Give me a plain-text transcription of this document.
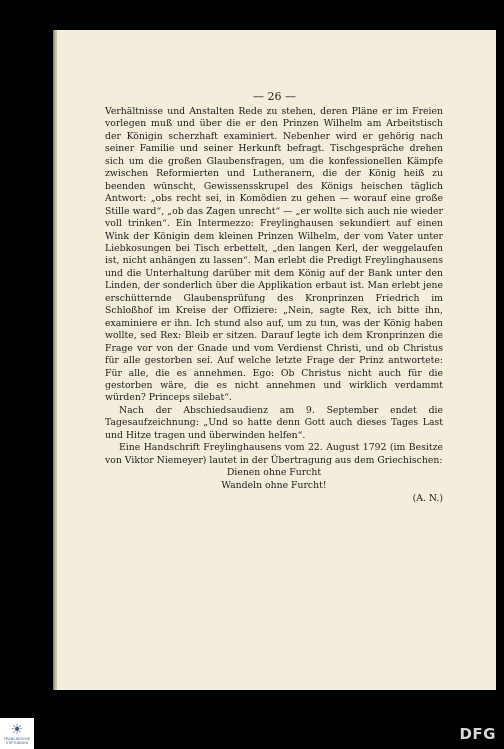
— 26 —

Verhältnisse und Anstalten Rede zu stehen, deren Pläne er im Freien vorlegen muß und über die er den Prinzen Wilhelm am Arbeitstisch der Königin scherzhaft examiniert. Nebenher wird er gehörig nach seiner Familie und seiner Herkunft befragt. Tischgespräche drehen sich um die großen Glaubensfragen, um die konfessionellen Kämpfe zwischen Reformierten und Lutheranern, die der König heiß zu beenden wünscht, Gewissensskrupel des Königs heischen täglich Antwort: „obs recht sei, in Komödien zu gehen — worauf eine große Stille ward“, „ob das Zagen unrecht“ — „er wollte sich auch nie wieder voll trinken“. Ein Intermezzo: Freylinghausen sekundiert auf einen Wink der Königin dem kleinen Prinzen Wilhelm, der vom Vater unter Liebkosungen bei Tisch erbettelt, „den langen Kerl, der weggelaufen ist, nicht anhängen zu lassen“. Man erlebt die Predigt Freylinghausens und die Unterhaltung darüber mit dem König auf der Bank unter den Linden, der sonderlich über die Applikation erbaut ist. Man erlebt jene erschütternde Glaubensprüfung des Kronprinzen Friedrich im Schloßhof im Kreise der Offiziere: „Nein, sagte Rex, ich bitte ihn, examiniere er ihn. Ich stund also auf, um zu tun, was der König haben wollte, sed Rex: Bleib er sitzen. Darauf legte ich dem Kronprinzen die Frage vor von der Gnade und vom Verdienst Christi, und ob Christus für alle gestorben sei. Auf welche letzte Frage der Prinz antwortete: Für alle, die es annehmen. Ego: Ob Christus nicht auch für die gestorben wäre, die es nicht annehmen und wirklich verdammt würden? Princeps silebat“.

Nach der Abschiedsaudienz am 9. September endet die Tagesaufzeichnung: „Und so hatte denn Gott auch dieses Tages Last und Hitze tragen und überwinden helfen“.

Eine Handschrift Freylinghausens vom 22. August 1792 (im Besitze von Viktor Niemeyer) lautet in der Übertragung aus dem Griechischen:

Dienen ohne Furcht

Wandeln ohne Furcht!

(A. N.)

☀
FRANCKESCHE STIFTUNGEN	DFG
